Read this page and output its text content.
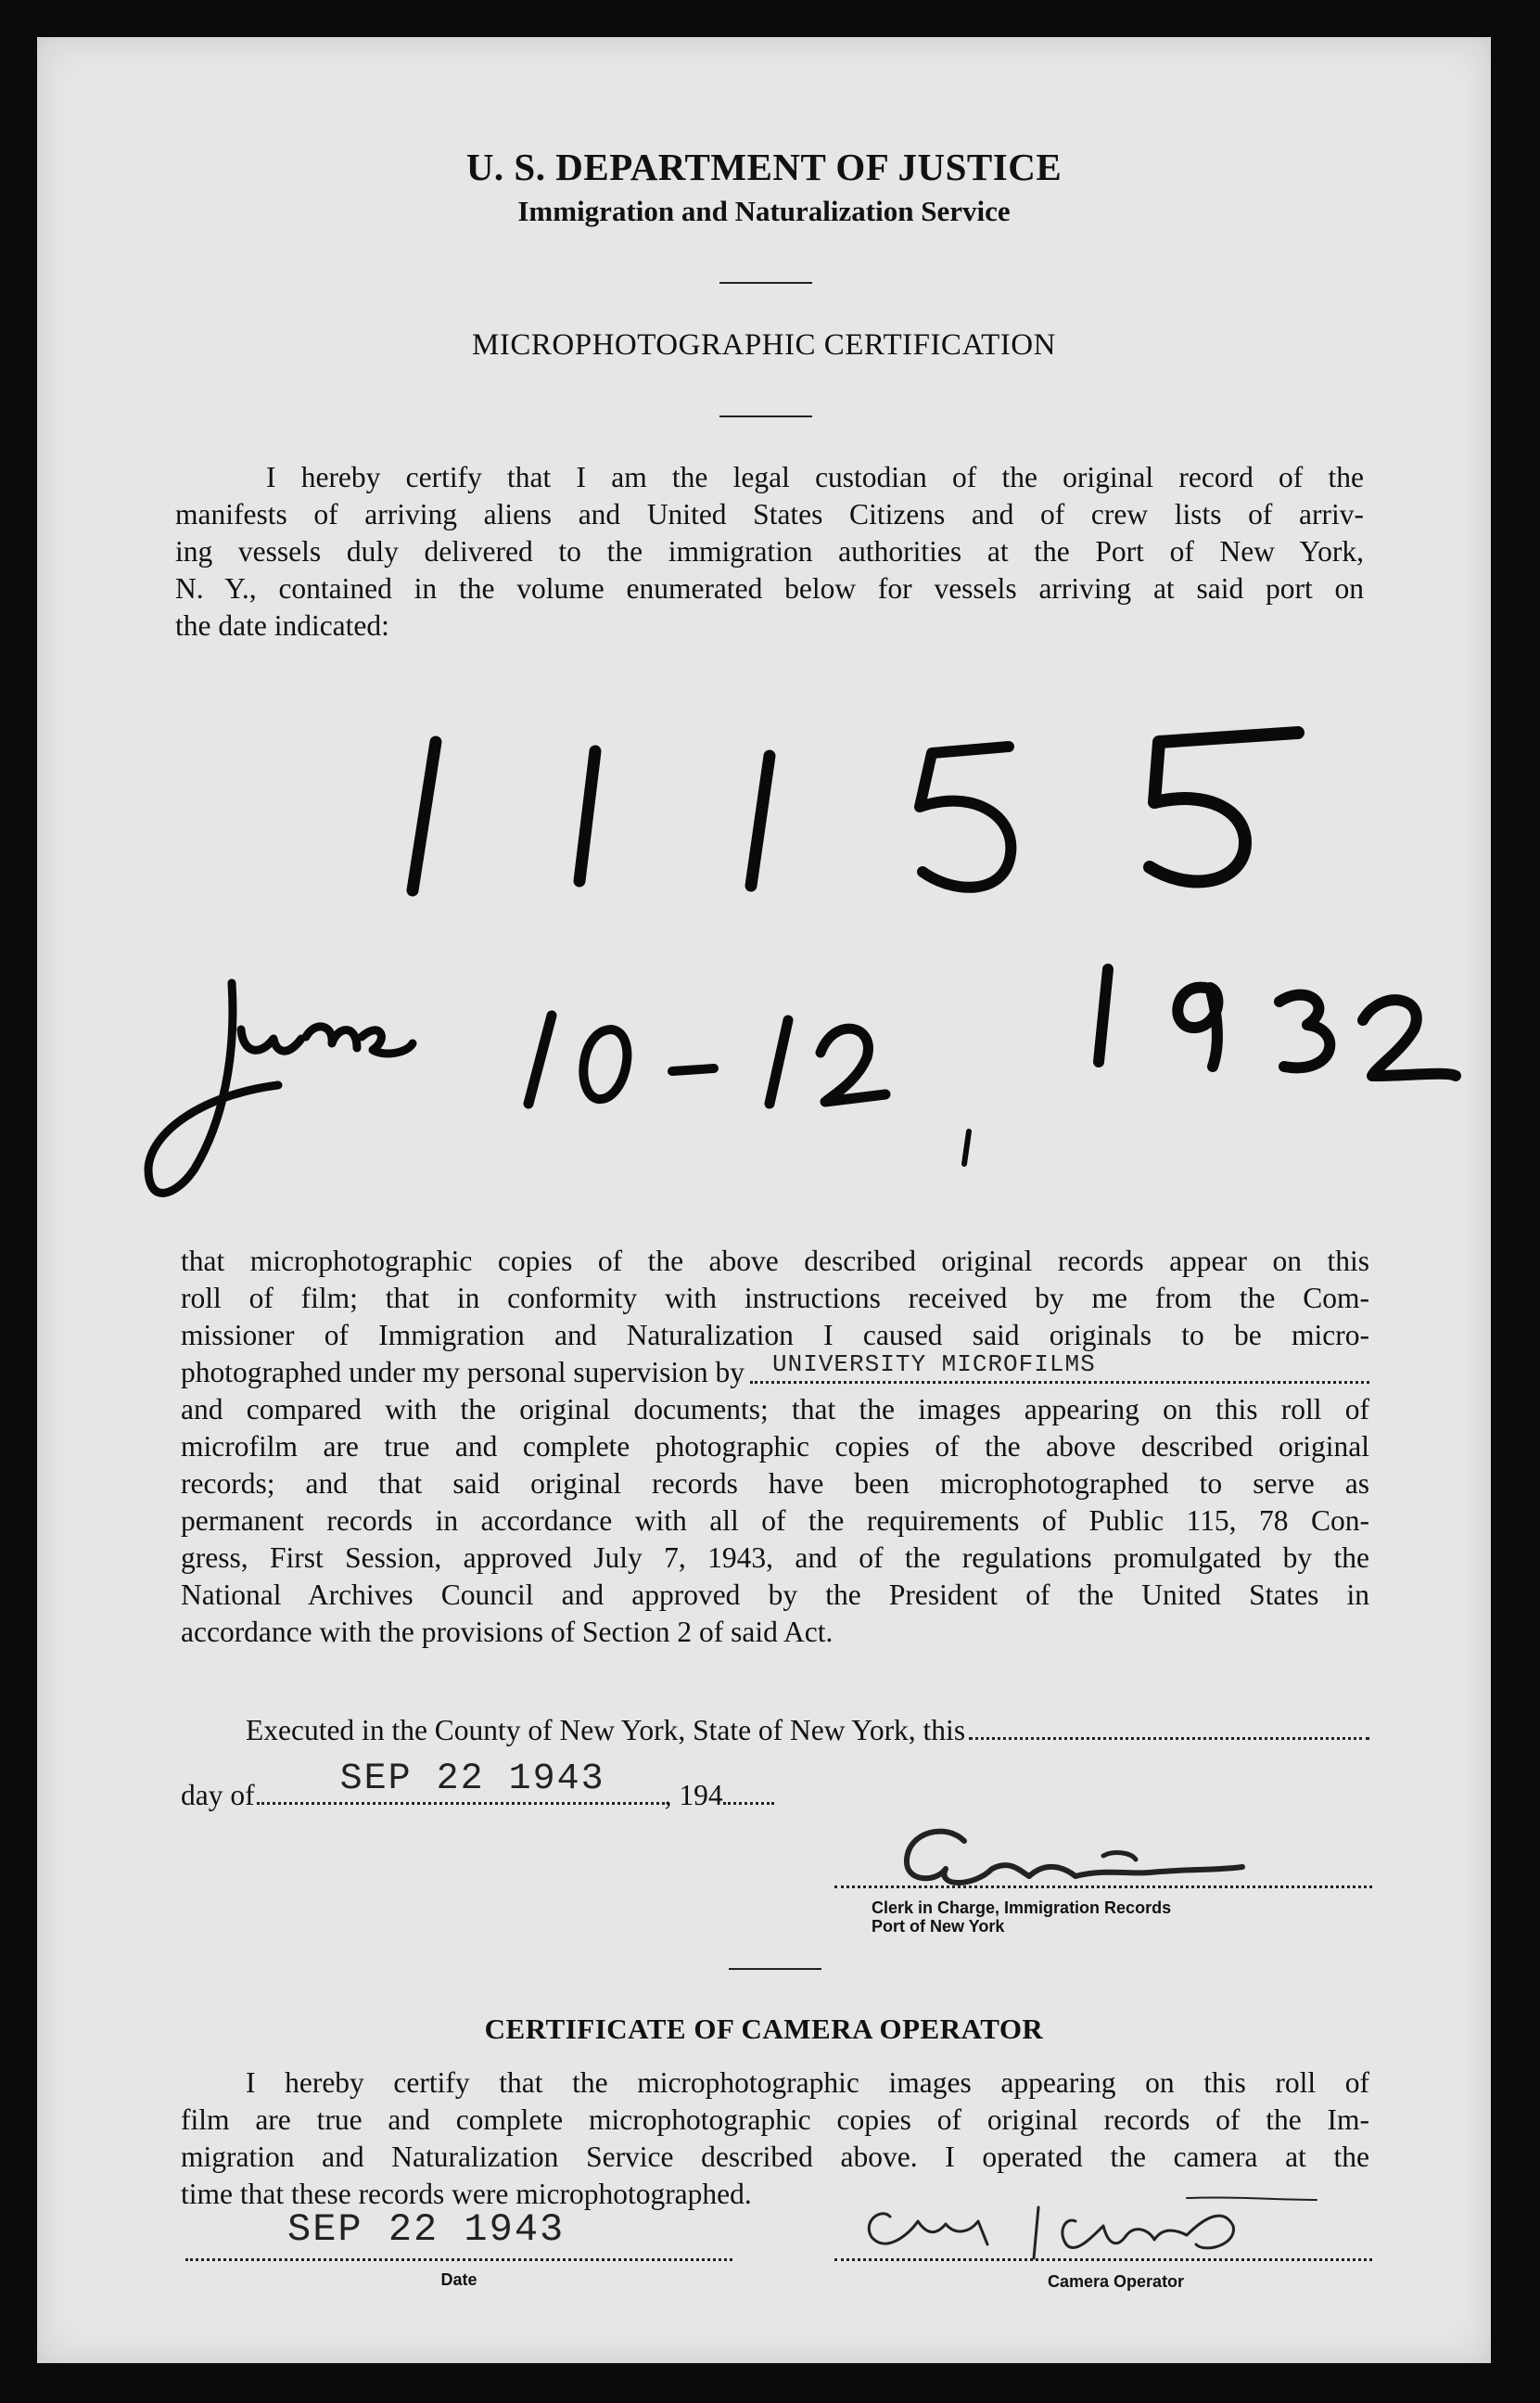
U. S. DEPARTMENT OF JUSTICE
Immigration and Naturalization Service
MICROPHOTOGRAPHIC CERTIFICATION
I hereby certify that I am the legal custodian of the original record of the
manifests of arriving aliens and United States Citizens and of crew lists of arriv-
ing vessels duly delivered to the immigration authorities at the Port of New York,
N. Y., contained in the volume enumerated below for vessels arriving at said port on
the date indicated:
that microphotographic copies of the above described original records appear on this
roll of film; that in conformity with instructions received by me from the Com-
missioner of Immigration and Naturalization I caused said originals to be micro-
photographed under my personal supervision by UNIVERSITY MICROFILMS
and compared with the original documents; that the images appearing on this roll of
microfilm are true and complete photographic copies of the above described original
records; and that said original records have been microphotographed to serve as
permanent records in accordance with all of the requirements of Public 115, 78 Con-
gress, First Session, approved July 7, 1943, and of the regulations promulgated by the
National Archives Council and approved by the President of the United States in
accordance with the provisions of Section 2 of said Act.
Executed in the County of New York, State of New York, this
day of SEP 22 1943 , 194
Clerk in Charge, Immigration Records
Port of New York
CERTIFICATE OF CAMERA OPERATOR
I hereby certify that the microphotographic images appearing on this roll of
film are true and complete microphotographic copies of original records of the Im-
migration and Naturalization Service described above. I operated the camera at the
time that these records were microphotographed.
SEP 22 1943
Date	Camera Operator
